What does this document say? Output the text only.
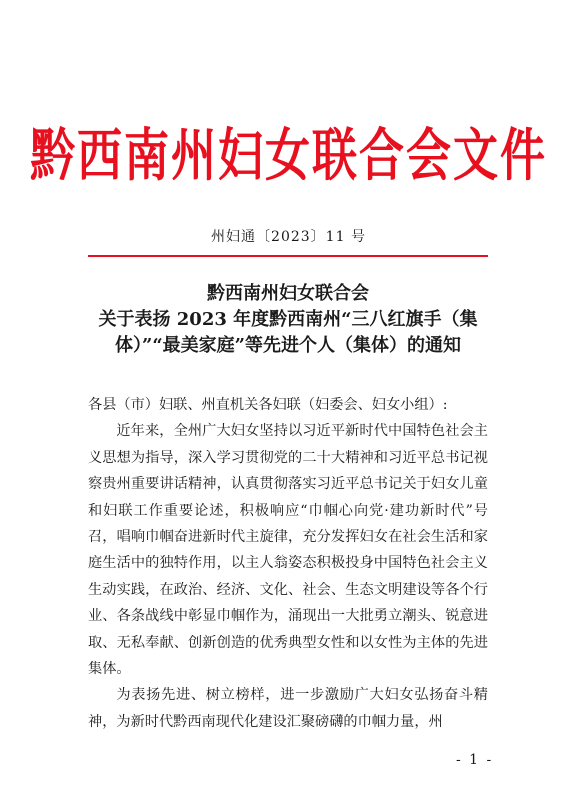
黔西南州妇女联合会文件
州妇通〔2023〕11 号
黔西南州妇女联合会
关于表扬 2023 年度黔西南州“三八红旗手（集
体）”“最美家庭”等先进个人（集体）的通知

各县（市）妇联、州直机关各妇联（妇委会、妇女小组）:

近年来，全州广大妇女坚持以习近平新时代中国特色社会主义思想为指导，深入学习贯彻党的二十大精神和习近平总书记视察贵州重要讲话精神，认真贯彻落实习近平总书记关于妇女儿童和妇联工作重要论述，积极响应“巾帼心向党·建功新时代”号召，唱响巾帼奋进新时代主旋律，充分发挥妇女在社会生活和家庭生活中的独特作用，以主人翁姿态积极投身中国特色社会主义生动实践，在政治、经济、文化、社会、生态文明建设等各个行业、各条战线中彰显巾帼作为，涌现出一大批勇立潮头、锐意进取、无私奉献、创新创造的优秀典型女性和以女性为主体的先进集体。

为表扬先进、树立榜样，进一步激励广大妇女弘扬奋斗精神，为新时代黔西南现代化建设汇聚磅礴的巾帼力量，州

- 1 -
